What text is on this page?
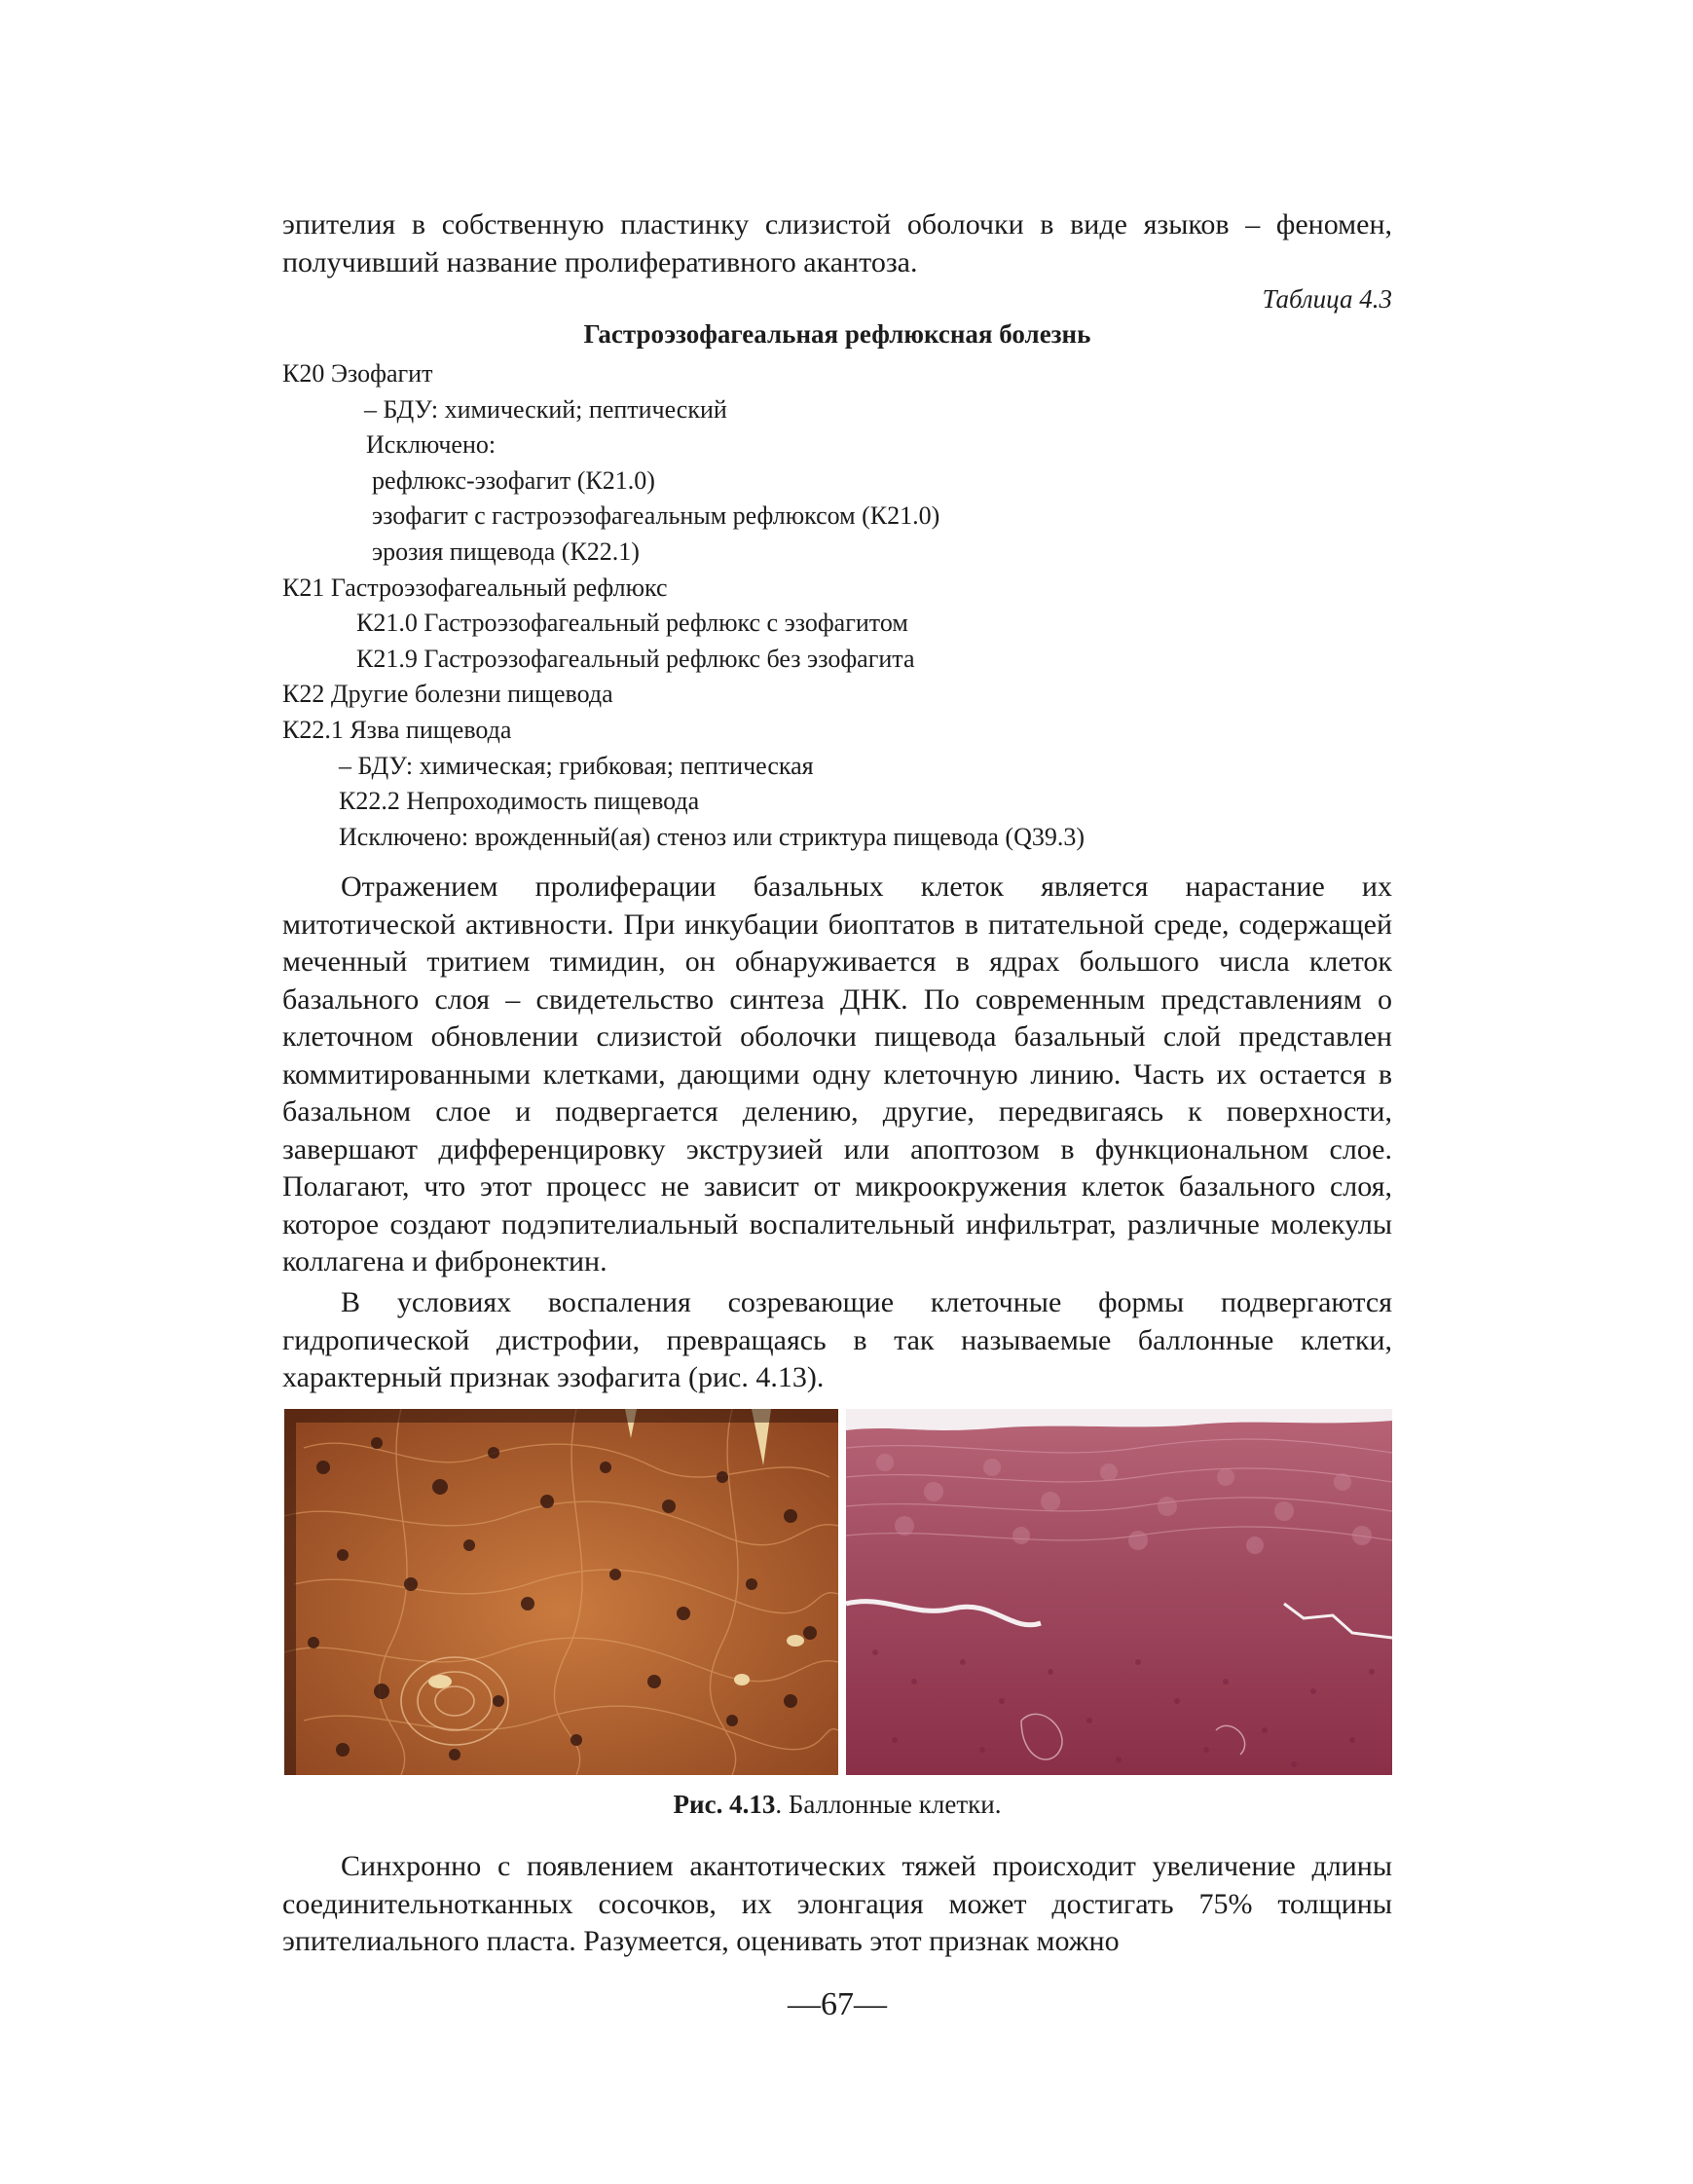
эпителия в собственную пластинку слизистой оболочки в виде языков – феномен, получивший название пролиферативного акантоза.

Таблица 4.3

Гастроэзофагеальная рефлюксная болезнь

К20 Эзофагит
– БДУ: химический; пептический
Исключено:
рефлюкс-эзофагит (К21.0)
эзофагит с гастроэзофагеальным рефлюксом (К21.0)
эрозия пищевода (К22.1)
К21 Гастроэзофагеальный рефлюкс
К21.0 Гастроэзофагеальный рефлюкс с эзофагитом
К21.9 Гастроэзофагеальный рефлюкс без эзофагита
К22 Другие болезни пищевода
К22.1 Язва пищевода
– БДУ: химическая; грибковая; пептическая
К22.2 Непроходимость пищевода
Исключено: врожденный(ая) стеноз или стриктура пищевода (Q39.3)

Отражением пролиферации базальных клеток является нарастание их митотической активности. При инкубации биоптатов в питательной среде, содержащей меченный тритием тимидин, он обнаруживается в ядрах большого числа клеток базального слоя – свидетельство синтеза ДНК. По современным представлениям о клеточном обновлении слизистой оболочки пищевода базальный слой представлен коммитированными клетками, дающими одну клеточную линию. Часть их остается в базальном слое и подвергается делению, другие, передвигаясь к поверхности, завершают дифференцировку экструзией или апоптозом в функциональном слое. Полагают, что этот процесс не зависит от микроокружения клеток базального слоя, которое создают подэпителиальный воспалительный инфильтрат, различные молекулы коллагена и фибронектин.

В условиях воспаления созревающие клеточные формы подвергаются гидропической дистрофии, превращаясь в так называемые баллонные клетки, характерный признак эзофагита (рис. 4.13).

Рис. 4.13. Баллонные клетки.

Синхронно с появлением акантотических тяжей происходит увеличение длины соединительнотканных сосочков, их элонгация может достигать 75% толщины эпителиального пласта. Разумеется, оценивать этот признак можно

—67—
